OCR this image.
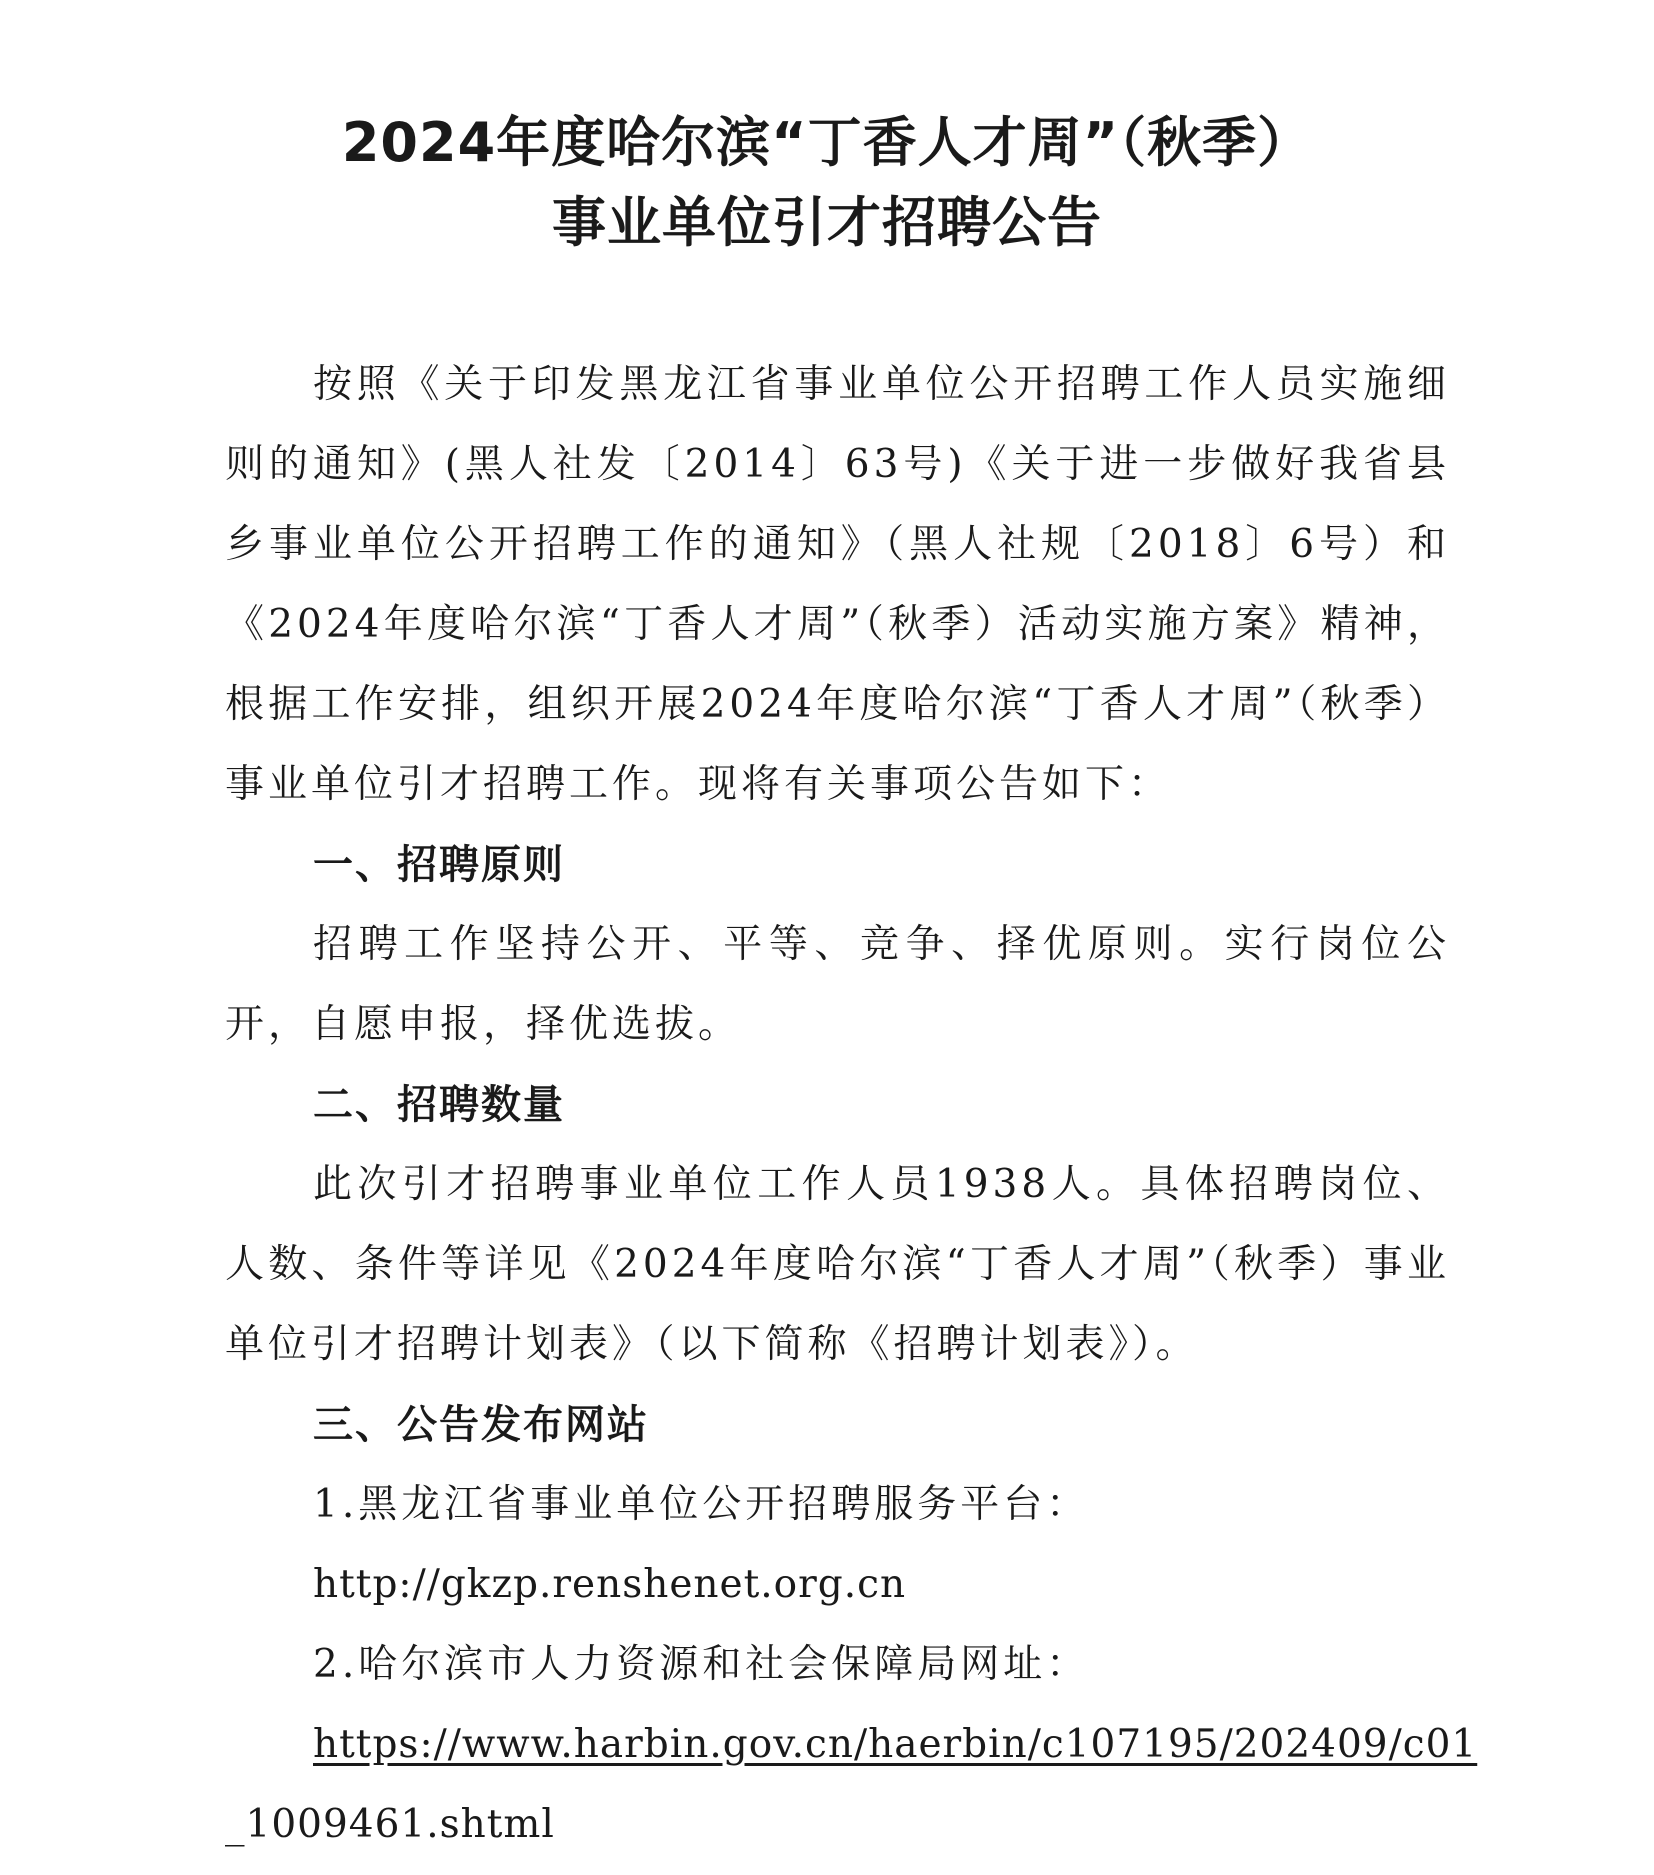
2024年度哈尔滨“丁香人才周”（秋季）
事业单位引才招聘公告

按照《关于印发黑龙江省事业单位公开招聘工作人员实施细则的通知》(黑人社发〔2014〕63号)《关于进一步做好我省县乡事业单位公开招聘工作的通知》（黑人社规〔2018〕6号）和《2024年度哈尔滨“丁香人才周”（秋季）活动实施方案》精神，根据工作安排，组织开展2024年度哈尔滨“丁香人才周”（秋季）事业单位引才招聘工作。现将有关事项公告如下：

一、招聘原则

招聘工作坚持公开、平等、竞争、择优原则。实行岗位公开，自愿申报，择优选拔。

二、招聘数量

此次引才招聘事业单位工作人员1938人。具体招聘岗位、人数、条件等详见《2024年度哈尔滨“丁香人才周”（秋季）事业单位引才招聘计划表》（以下简称《招聘计划表》）。

三、公告发布网站

1.黑龙江省事业单位公开招聘服务平台：

http://gkzp.renshenet.org.cn

2.哈尔滨市人力资源和社会保障局网址：

https://www.harbin.gov.cn/haerbin/c107195/202409/c01

_1009461.shtml
